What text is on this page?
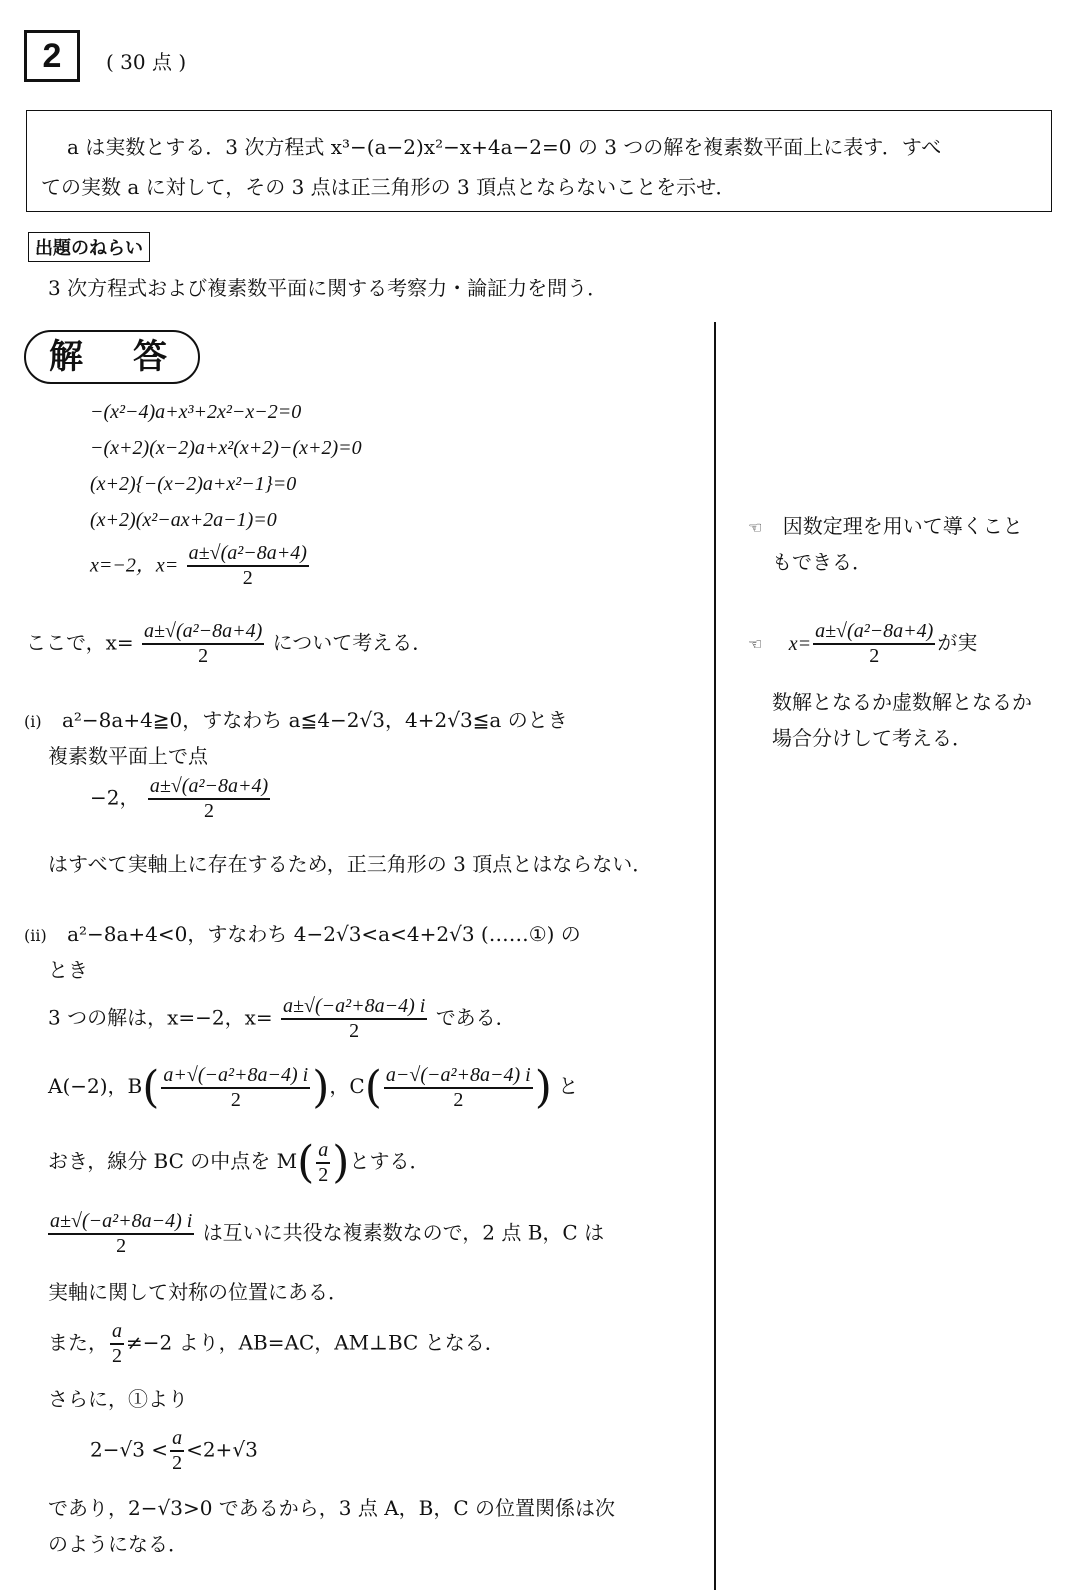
2	( 30 点 )
a は実数とする．3 次方程式 x³−(a−2)x²−x+4a−2=0 の 3 つの解を複素数平面上に表す．すべ
ての実数 a に対して，その 3 点は正三角形の 3 頂点とならないことを示せ．
出題のねらい
3 次方程式および複素数平面に関する考察力・論証力を問う．
解　答
−(x²−4)a+x³+2x²−x−2=0
−(x+2)(x−2)a+x²(x+2)−(x+2)=0
(x+2){−(x−2)a+x²−1}=0
(x+2)(x²−ax+2a−1)=0
x=−2，$x= \frac{\text{a±√(a²−8a+4)}}{2}$
ここで，$x= \frac{\text{a±√(a²−8a+4)}}{2}$ について考える．
(ⅰ) a²−8a+4≧0，すなわち a≦4−2√3，4+2√3≦a のとき
複素数平面上で点
−2， $\frac{\text{a±√(a²−8a+4)}}{2}$
はすべて実軸上に存在するため，正三角形の 3 頂点とはならない．
(ⅱ) a²−8a+4<0，すなわち 4−2√3<a<4+2√3 (……①) の
とき
3 つの解は，x=−2，$x= \frac{\text{a±√(−a²+8a−4) i}}{2}$ である．
A(−2)，$B( \frac{\text{a+√(−a²+8a−4) i}}{2}$ )，$C( \frac{\text{a−√(−a²+8a−4) i}}{2}$ ) と
おき，線分 BC の中点を $M( \frac{a}{2}$ )とする．
$\frac{\text{a±√(−a²+8a−4) i}}{2}$ は互いに共役な複素数なので，2 点 B，C は
実軸に関して対称の位置にある．
また， $\frac{a}{2} \ne-2$ より，AB=AC，AM⊥BC となる．
さらに，①より
$2-√3 < \frac{a}{2} <2+√3$
であり，2−√3>0 であるから，3 点 A，B，C の位置関係は次
のようになる．
☜ 因数定理を用いて導くこと
もできる．
☜ $x= \frac{\text{a±√(a²−8a+4)}}{2}$ が実
数解となるか虚数解となるか
場合分けして考える．
